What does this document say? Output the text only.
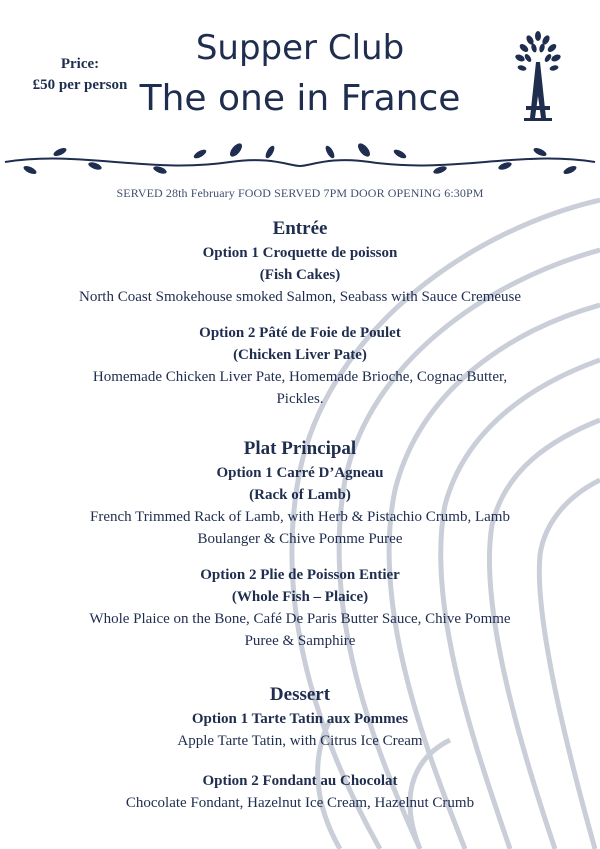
Price:
£50 per person
Supper Club
The one in France
SERVED 28th February FOOD SERVED 7PM DOOR OPENING 6:30PM

Entrée

Option 1 Croquette de poisson

(Fish Cakes)

North Coast Smokehouse smoked Salmon, Seabass with Sauce Cremeuse

Option 2 Pâté de Foie de Poulet

(Chicken Liver Pate)

Homemade Chicken Liver Pate, Homemade Brioche, Cognac Butter,

Pickles.

Plat Principal

Option 1 Carré D’Agneau

(Rack of Lamb)

French Trimmed Rack of Lamb, with Herb & Pistachio Crumb, Lamb

Boulanger & Chive Pomme Puree

Option 2 Plie de Poisson Entier

(Whole Fish – Plaice)

Whole Plaice on the Bone, Café De Paris Butter Sauce, Chive Pomme

Puree & Samphire

Dessert

Option 1 Tarte Tatin aux Pommes

Apple Tarte Tatin, with Citrus Ice Cream

Option 2 Fondant au Chocolat

Chocolate Fondant, Hazelnut Ice Cream, Hazelnut Crumb
